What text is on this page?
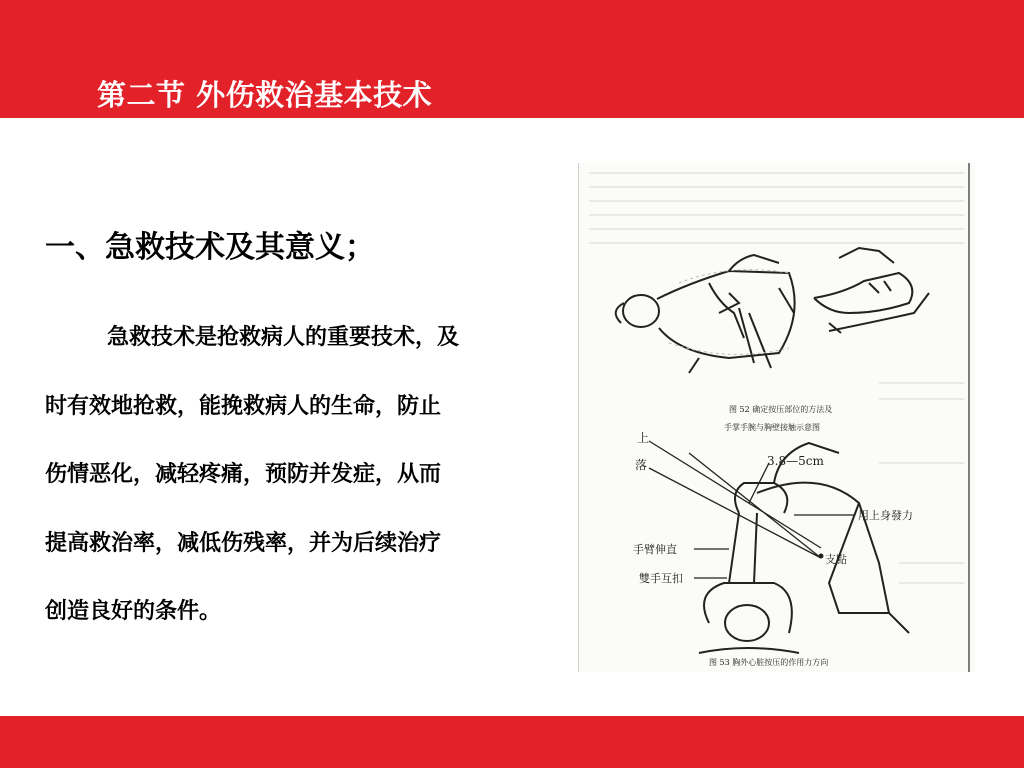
第二节 外伤救治基本技术
一、急救技术及其意义；
急救技术是抢救病人的重要技术，及
时有效地抢救，能挽救病人的生命，防止
伤情恶化，减轻疼痛，预防并发症，从而
提高救治率，减低伤残率，并为后续治疗
创造良好的条件。
图 52 确定按压部位的方法及
手掌手腕与胸壁接触示意图
上
落	3.8—5cm
用上身發力
支點
手臂伸直
雙手互扣
图 53 胸外心脏按压的作用力方向
